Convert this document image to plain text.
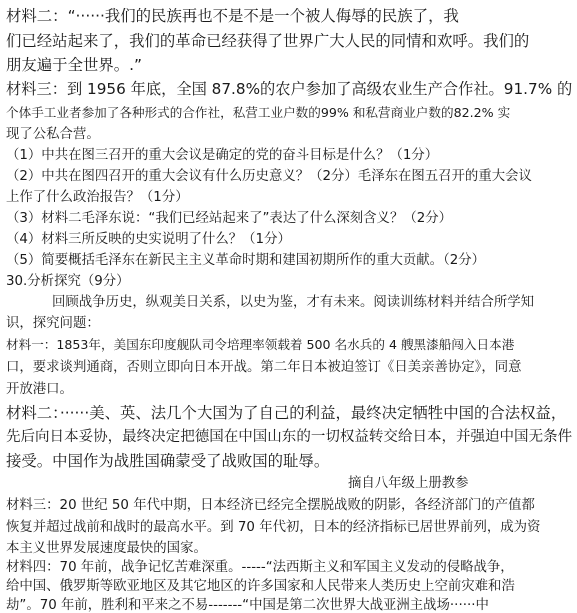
材料二：“······我们的民族再也不是不是一个被人侮辱的民族了，我
们已经站起来了，我们的革命已经获得了世界广大人民的同情和欢呼。我们的
朋友遍于全世界。.”
材料三：到 1956 年底，全国 87.8%的农户参加了高级农业生产合作社。91.7% 的
个体手工业者参加了各种形式的合作社，私营工业户数的99% 和私营商业户数的82.2% 实
现了公私合营。
（1）中共在图三召开的重大会议是确定的党的奋斗目标是什么？（1分）
（2）中共在图四召开的重大会议有什么历史意义？（2分）毛泽东在图五召开的重大会议
上作了什么政治报告？（1分）
（3）材料二毛泽东说：“我们已经站起来了”表达了什么深刻含义？（2分）
（4）材料三所反映的史实说明了什么？（1分）
（5）简要概括毛泽东在新民主主义革命时期和建国初期所作的重大贡献。（2分）
30.分析探究（9分）
回顾战争历史，纵观美日关系，以史为鉴，才有未来。阅读训练材料并结合所学知
识，探究问题：
材料一：1853年，美国东印度舰队司令培理率领载着 500 名水兵的 4 艘黑漆船闯入日本港
口，要求谈判通商，否则立即向日本开战。第二年日本被迫签订《日美亲善协定》，同意
开放港口。
材料二：······美、英、法几个大国为了自己的利益，最终决定牺牲中国的合法权益，
先后向日本妥协，最终决定把德国在中国山东的一切权益转交给日本，并强迫中国无条件
接受。中国作为战胜国确蒙受了战败国的耻辱。
摘自八年级上册教参
材料三：20 世纪 50 年代中期，日本经济已经完全摆脱战败的阴影，各经济部门的产值都
恢复并超过战前和战时的最高水平。到 70 年代初，日本的经济指标已居世界前列，成为资
本主义世界发展速度最快的国家。
材料四：70 年前，战争记忆苦难深重。-----“法西斯主义和军国主义发动的侵略战争，
给中国、俄罗斯等欧亚地区及其它地区的许多国家和人民带来人类历史上空前灾难和浩
劫”。70 年前，胜利和平来之不易-------“中国是第二次世界大战亚洲主战场······中
